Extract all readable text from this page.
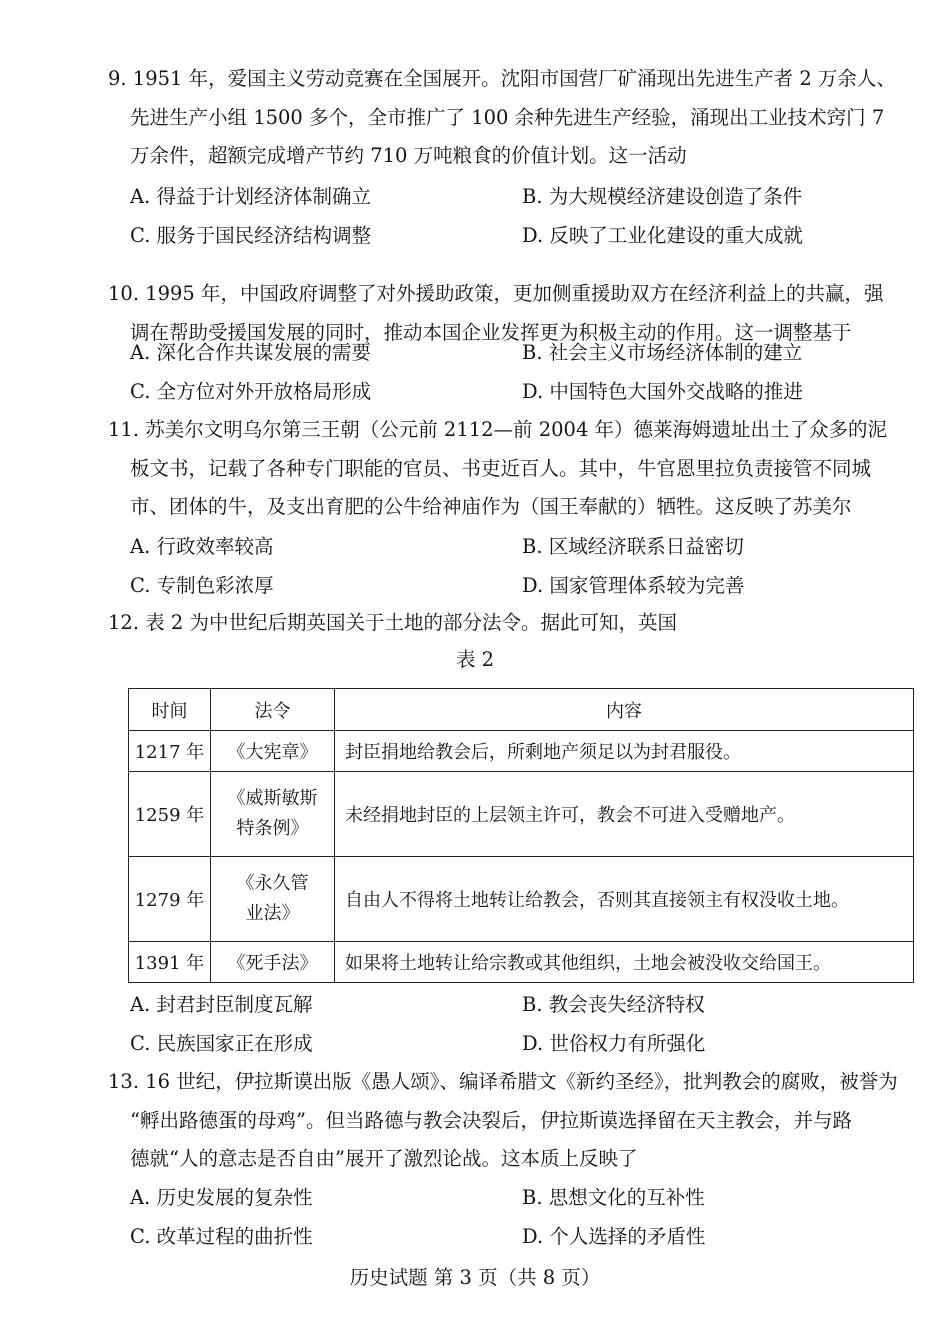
9. 1951 年，爱国主义劳动竞赛在全国展开。沈阳市国营厂矿涌现出先进生产者 2 万余人、
先进生产小组 1500 多个，全市推广了 100 余种先进生产经验，涌现出工业技术窍门 7
万余件，超额完成增产节约 710 万吨粮食的价值计划。这一活动
A. 得益于计划经济体制确立	B. 为大规模经济建设创造了条件
C. 服务于国民经济结构调整	D. 反映了工业化建设的重大成就
10. 1995 年，中国政府调整了对外援助政策，更加侧重援助双方在经济利益上的共赢，强
调在帮助受援国发展的同时，推动本国企业发挥更为积极主动的作用。这一调整基于
A. 深化合作共谋发展的需要	B. 社会主义市场经济体制的建立
C. 全方位对外开放格局形成	D. 中国特色大国外交战略的推进
11. 苏美尔文明乌尔第三王朝（公元前 2112—前 2004 年）德莱海姆遗址出土了众多的泥
板文书，记载了各种专门职能的官员、书吏近百人。其中，牛官恩里拉负责接管不同城
市、团体的牛，及支出育肥的公牛给神庙作为（国王奉献的）牺牲。这反映了苏美尔
A. 行政效率较高	B. 区域经济联系日益密切
C. 专制色彩浓厚	D. 国家管理体系较为完善
12. 表 2 为中世纪后期英国关于土地的部分法令。据此可知，英国
表 2
时间	法令	内容
1217 年	《大宪章》	封臣捐地给教会后，所剩地产须足以为封君服役。
1259 年	《威斯敏斯特条例》	未经捐地封臣的上层领主许可，教会不可进入受赠地产。
1279 年	《永久管业法》	自由人不得将土地转让给教会，否则其直接领主有权没收土地。
1391 年	《死手法》	如果将土地转让给宗教或其他组织，土地会被没收交给国王。
A. 封君封臣制度瓦解	B. 教会丧失经济特权
C. 民族国家正在形成	D. 世俗权力有所强化
13. 16 世纪，伊拉斯谟出版《愚人颂》、编译希腊文《新约圣经》，批判教会的腐败，被誉为
“孵出路德蛋的母鸡”。但当路德与教会决裂后，伊拉斯谟选择留在天主教会，并与路
德就“人的意志是否自由”展开了激烈论战。这本质上反映了
A. 历史发展的复杂性	B. 思想文化的互补性
C. 改革过程的曲折性	D. 个人选择的矛盾性
历史试题 第 3 页（共 8 页）
